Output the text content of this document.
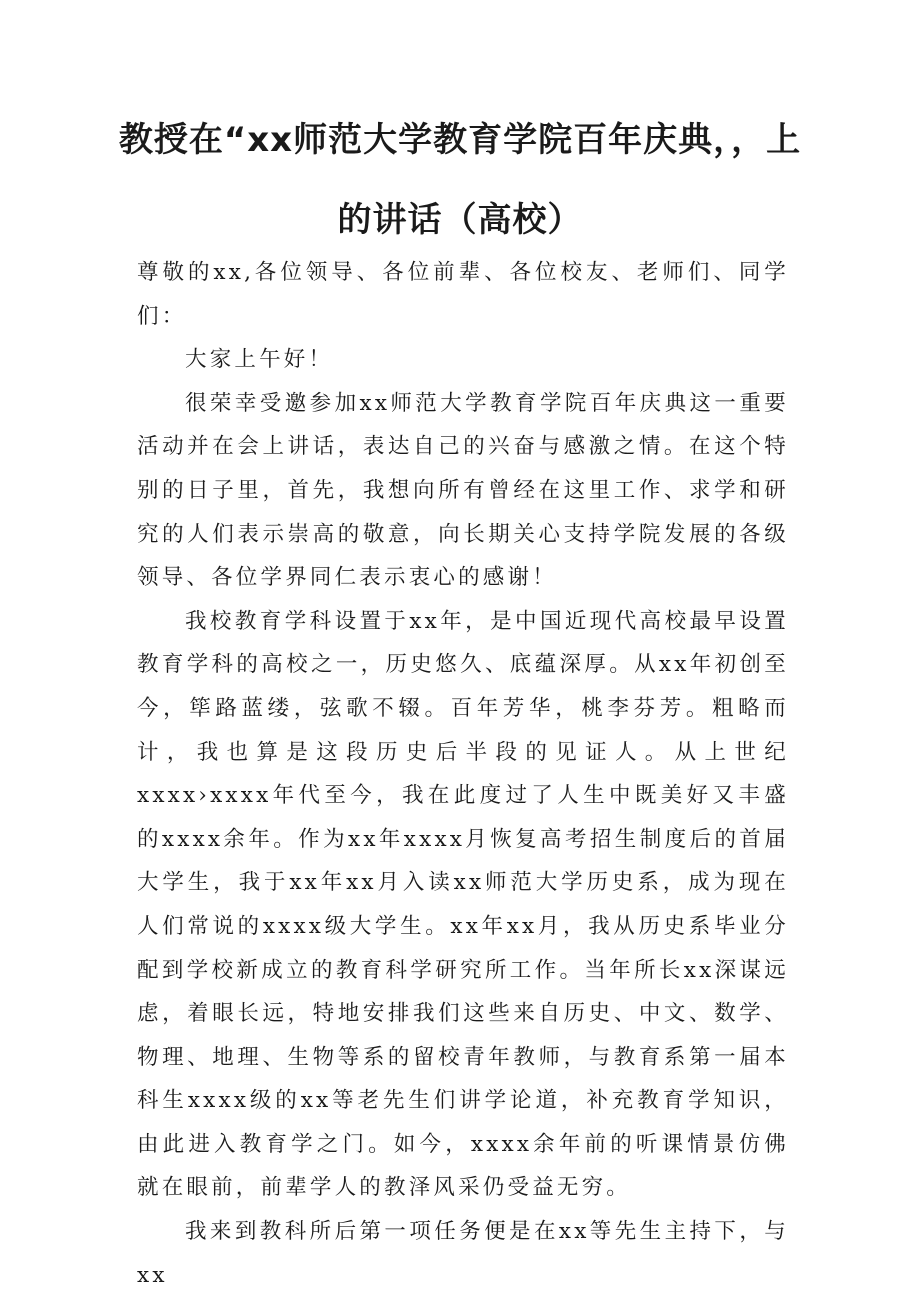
教授在“xx师范大学教育学院百年庆典，，上
的讲话（高校）

尊敬的xx,各位领导、各位前辈、各位校友、老师们、同学们：

大家上午好！

很荣幸受邀参加xx师范大学教育学院百年庆典这一重要活动并在会上讲话，表达自己的兴奋与感激之情。在这个特别的日子里，首先，我想向所有曾经在这里工作、求学和研究的人们表示崇高的敬意，向长期关心支持学院发展的各级领导、各位学界同仁表示衷心的感谢！

我校教育学科设置于xx年，是中国近现代高校最早设置教育学科的高校之一，历史悠久、底蕴深厚。从xx年初创至今，筚路蓝缕，弦歌不辍。百年芳华，桃李芬芳。粗略而计，我也算是这段历史后半段的见证人。从上世纪xxxx›xxxx年代至今，我在此度过了人生中既美好又丰盛的xxxx余年。作为xx年xxxx月恢复高考招生制度后的首届大学生，我于xx年xx月入读xx师范大学历史系，成为现在人们常说的xxxx级大学生。xx年xx月，我从历史系毕业分配到学校新成立的教育科学研究所工作。当年所长xx深谋远虑，着眼长远，特地安排我们这些来自历史、中文、数学、物理、地理、生物等系的留校青年教师，与教育系第一届本科生xxxx级的xx等老先生们讲学论道，补充教育学知识，由此进入教育学之门。如今，xxxx余年前的听课情景仿佛就在眼前，前辈学人的教泽风采仍受益无穷。

我来到教科所后第一项任务便是在xx等先生主持下，与xx
